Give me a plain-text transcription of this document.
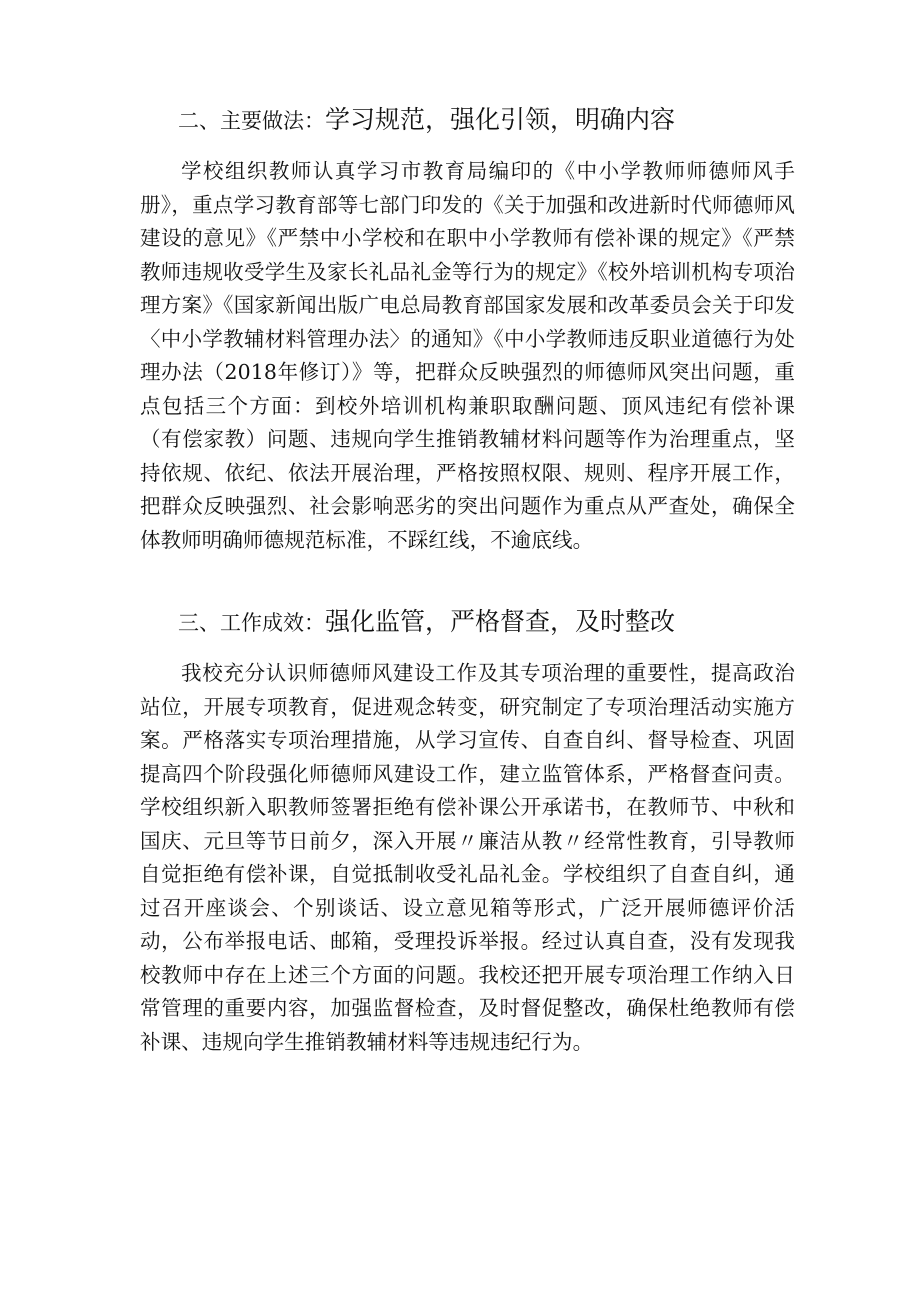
二、主要做法：学习规范，强化引领，明确内容

学校组织教师认真学习市教育局编印的《中小学教师师德师风手册》，重点学习教育部等七部门印发的《关于加强和改进新时代师德师风建设的意见》《严禁中小学校和在职中小学教师有偿补课的规定》《严禁教师违规收受学生及家长礼品礼金等行为的规定》《校外培训机构专项治理方案》《国家新闻出版广电总局教育部国家发展和改革委员会关于印发〈中小学教辅材料管理办法〉的通知》《中小学教师违反职业道德行为处理办法（2018年修订）》等，把群众反映强烈的师德师风突出问题，重点包括三个方面：到校外培训机构兼职取酬问题、顶风违纪有偿补课（有偿家教）问题、违规向学生推销教辅材料问题等作为治理重点，坚持依规、依纪、依法开展治理，严格按照权限、规则、程序开展工作，把群众反映强烈、社会影响恶劣的突出问题作为重点从严查处，确保全体教师明确师德规范标准，不踩红线，不逾底线。

三、工作成效：强化监管，严格督查，及时整改

我校充分认识师德师风建设工作及其专项治理的重要性，提高政治站位，开展专项教育，促进观念转变，研究制定了专项治理活动实施方案。严格落实专项治理措施，从学习宣传、自查自纠、督导检查、巩固提高四个阶段强化师德师风建设工作，建立监管体系，严格督查问责。学校组织新入职教师签署拒绝有偿补课公开承诺书，在教师节、中秋和国庆、元旦等节日前夕，深入开展〃廉洁从教〃经常性教育，引导教师自觉拒绝有偿补课，自觉抵制收受礼品礼金。学校组织了自查自纠，通过召开座谈会、个别谈话、设立意见箱等形式，广泛开展师德评价活动，公布举报电话、邮箱，受理投诉举报。经过认真自查，没有发现我校教师中存在上述三个方面的问题。我校还把开展专项治理工作纳入日常管理的重要内容，加强监督检查，及时督促整改，确保杜绝教师有偿补课、违规向学生推销教辅材料等违规违纪行为。
